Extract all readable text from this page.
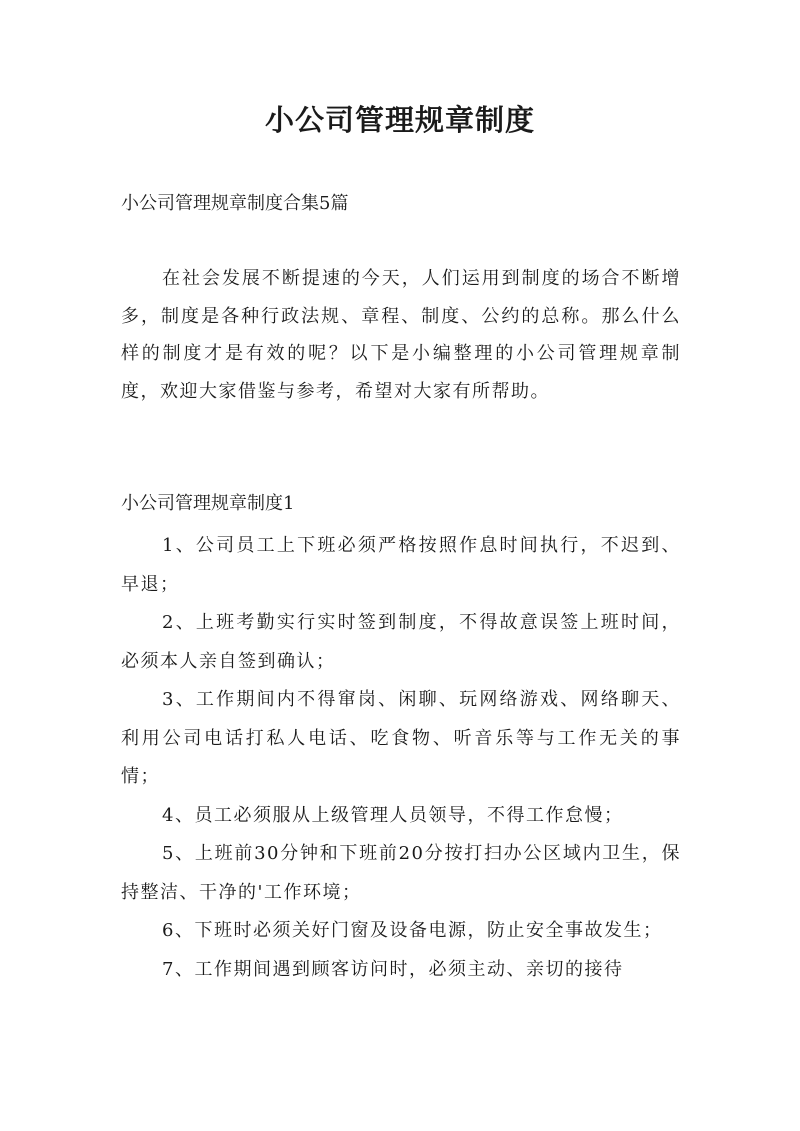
小公司管理规章制度

小公司管理规章制度合集5篇

在社会发展不断提速的今天，人们运用到制度的场合不断增多，制度是各种行政法规、章程、制度、公约的总称。那么什么样的制度才是有效的呢？以下是小编整理的小公司管理规章制度，欢迎大家借鉴与参考，希望对大家有所帮助。

小公司管理规章制度1

1、公司员工上下班必须严格按照作息时间执行，不迟到、早退；
2、上班考勤实行实时签到制度，不得故意误签上班时间，必须本人亲自签到确认；
3、工作期间内不得窜岗、闲聊、玩网络游戏、网络聊天、利用公司电话打私人电话、吃食物、听音乐等与工作无关的事情；
4、员工必须服从上级管理人员领导，不得工作怠慢；
5、上班前30分钟和下班前20分按打扫办公区域内卫生，保持整洁、干净的'工作环境；
6、下班时必须关好门窗及设备电源，防止安全事故发生；
7、工作期间遇到顾客访问时，必须主动、亲切的接待
